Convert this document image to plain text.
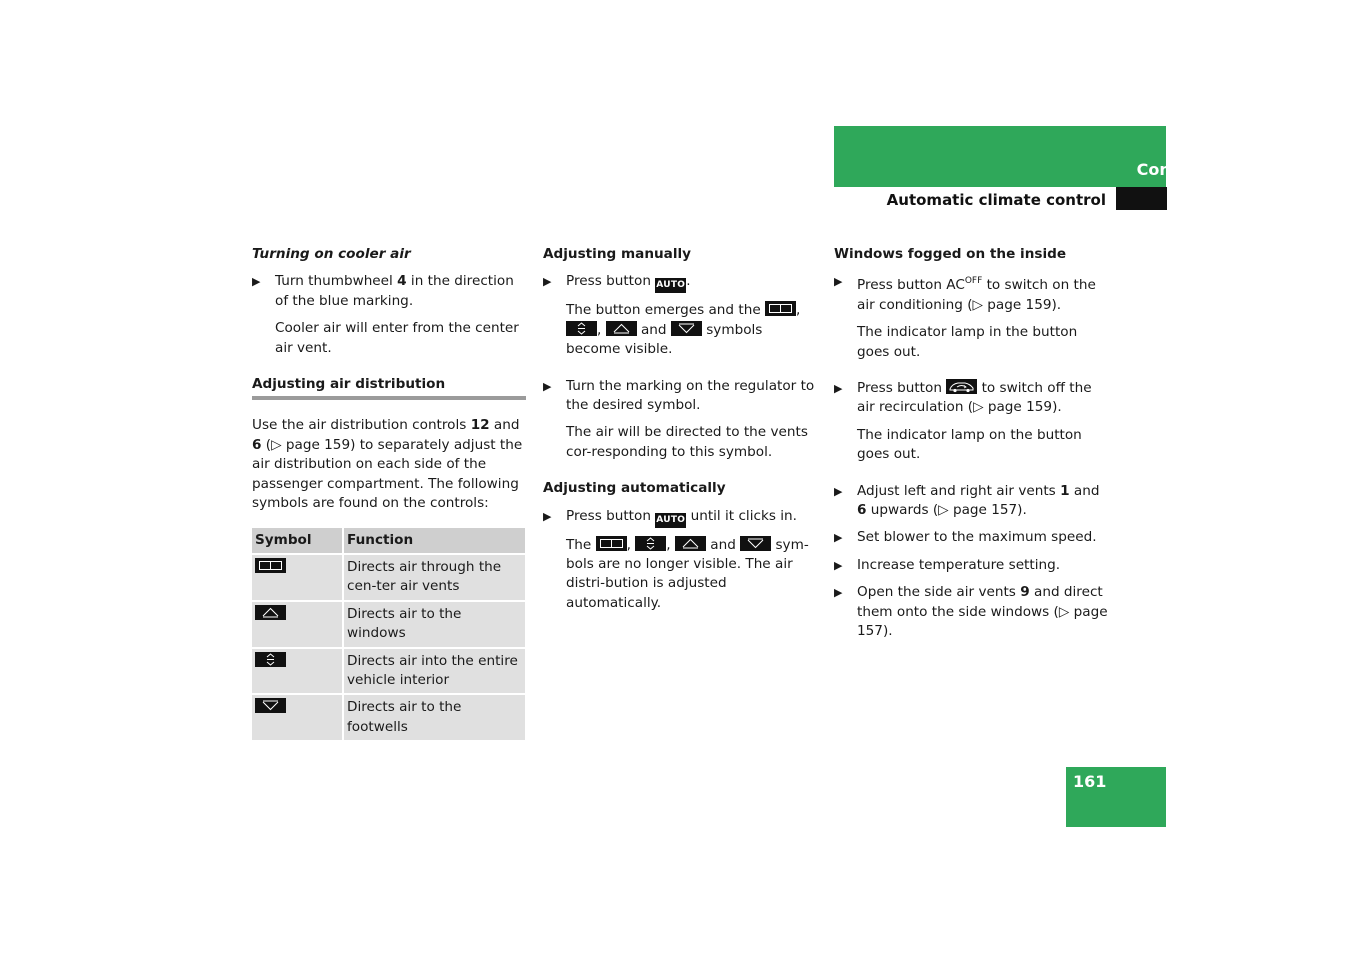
Controls in detail
Automatic climate control
Turning on cooler air
▶ Turn thumbwheel 4 in the direction of the blue marking.
Cooler air will enter from the center air vent.
Adjusting air distribution

Use the air distribution controls 12 and 6 (▷ page 159) to separately adjust the air distribution on each side of the passenger compartment. The following symbols are found on the controls:

Symbol	Function

	Directs air through the cen-ter air vents

	Directs air to the windows

	Directs air into the entire vehicle interior

	Directs air to the footwells
Adjusting manually
▶ Press button AUTO.
The button emerges and the
,

,	and
symbols become visible.
▶ Turn the marking on the regulator to the desired symbol.
The air will be directed to the vents cor-responding to this symbol.
Adjusting automatically
▶ Press button AUTO until it clicks in.
The
,	,	and
sym-bols are no longer visible. The air distri-bution is adjusted automatically.
Windows fogged on the inside
▶ Press button $AC^{OFF}$ to switch on the air conditioning (▷ page 159).
The indicator lamp in the button goes out.
▶ Press button
to switch off the air recirculation (▷ page 159).
The indicator lamp on the button goes out.
▶ Adjust left and right air vents 1 and 6 upwards (▷ page 157).
▶ Set blower to the maximum speed.
▶ Increase temperature setting.
▶ Open the side air vents 9 and direct them onto the side windows (▷ page 157).
161
